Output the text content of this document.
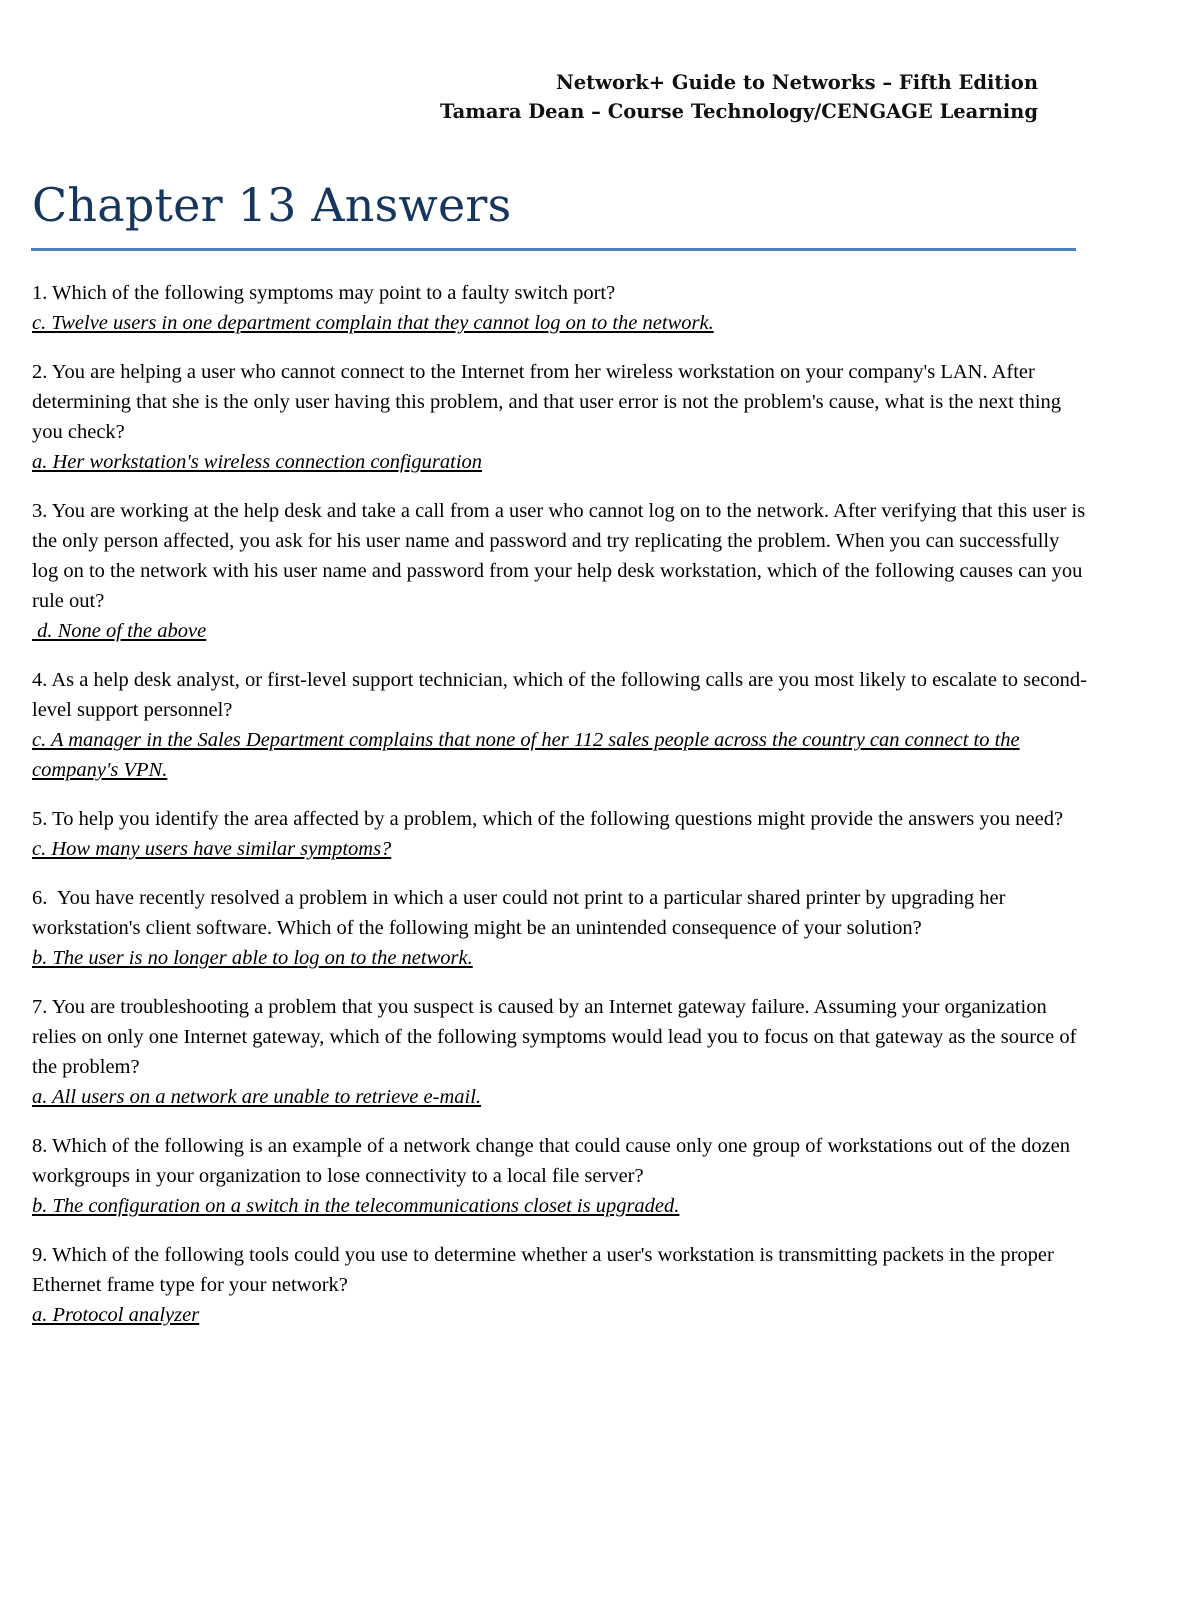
Network+ Guide to Networks – Fifth Edition
Tamara Dean – Course Technology/CENGAGE Learning
Chapter 13 Answers

1. Which of the following symptoms may point to a faulty switch port?

c. Twelve users in one department complain that they cannot log on to the network.

2. You are helping a user who cannot connect to the Internet from her wireless workstation on your company's LAN. After determining that she is the only user having this problem, and that user error is not the problem's cause, what is the next thing you check?

a. Her workstation's wireless connection configuration

3. You are working at the help desk and take a call from a user who cannot log on to the network. After verifying that this user is the only person affected, you ask for his user name and password and try replicating the problem. When you can successfully log on to the network with his user name and password from your help desk workstation, which of the following causes can you rule out?

d. None of the above

4. As a help desk analyst, or first-level support technician, which of the following calls are you most likely to escalate to second-level support personnel?

c. A manager in the Sales Department complains that none of her 112 sales people across the country can connect to the company's VPN.

5. To help you identify the area affected by a problem, which of the following questions might provide the answers you need?

c. How many users have similar symptoms?

6.  You have recently resolved a problem in which a user could not print to a particular shared printer by upgrading her workstation's client software. Which of the following might be an unintended consequence of your solution?

b. The user is no longer able to log on to the network.

7. You are troubleshooting a problem that you suspect is caused by an Internet gateway failure. Assuming your organization relies on only one Internet gateway, which of the following symptoms would lead you to focus on that gateway as the source of the problem?

a. All users on a network are unable to retrieve e-mail.

8. Which of the following is an example of a network change that could cause only one group of workstations out of the dozen workgroups in your organization to lose connectivity to a local file server?

b. The configuration on a switch in the telecommunications closet is upgraded.

9. Which of the following tools could you use to determine whether a user's workstation is transmitting packets in the proper Ethernet frame type for your network?

a. Protocol analyzer
